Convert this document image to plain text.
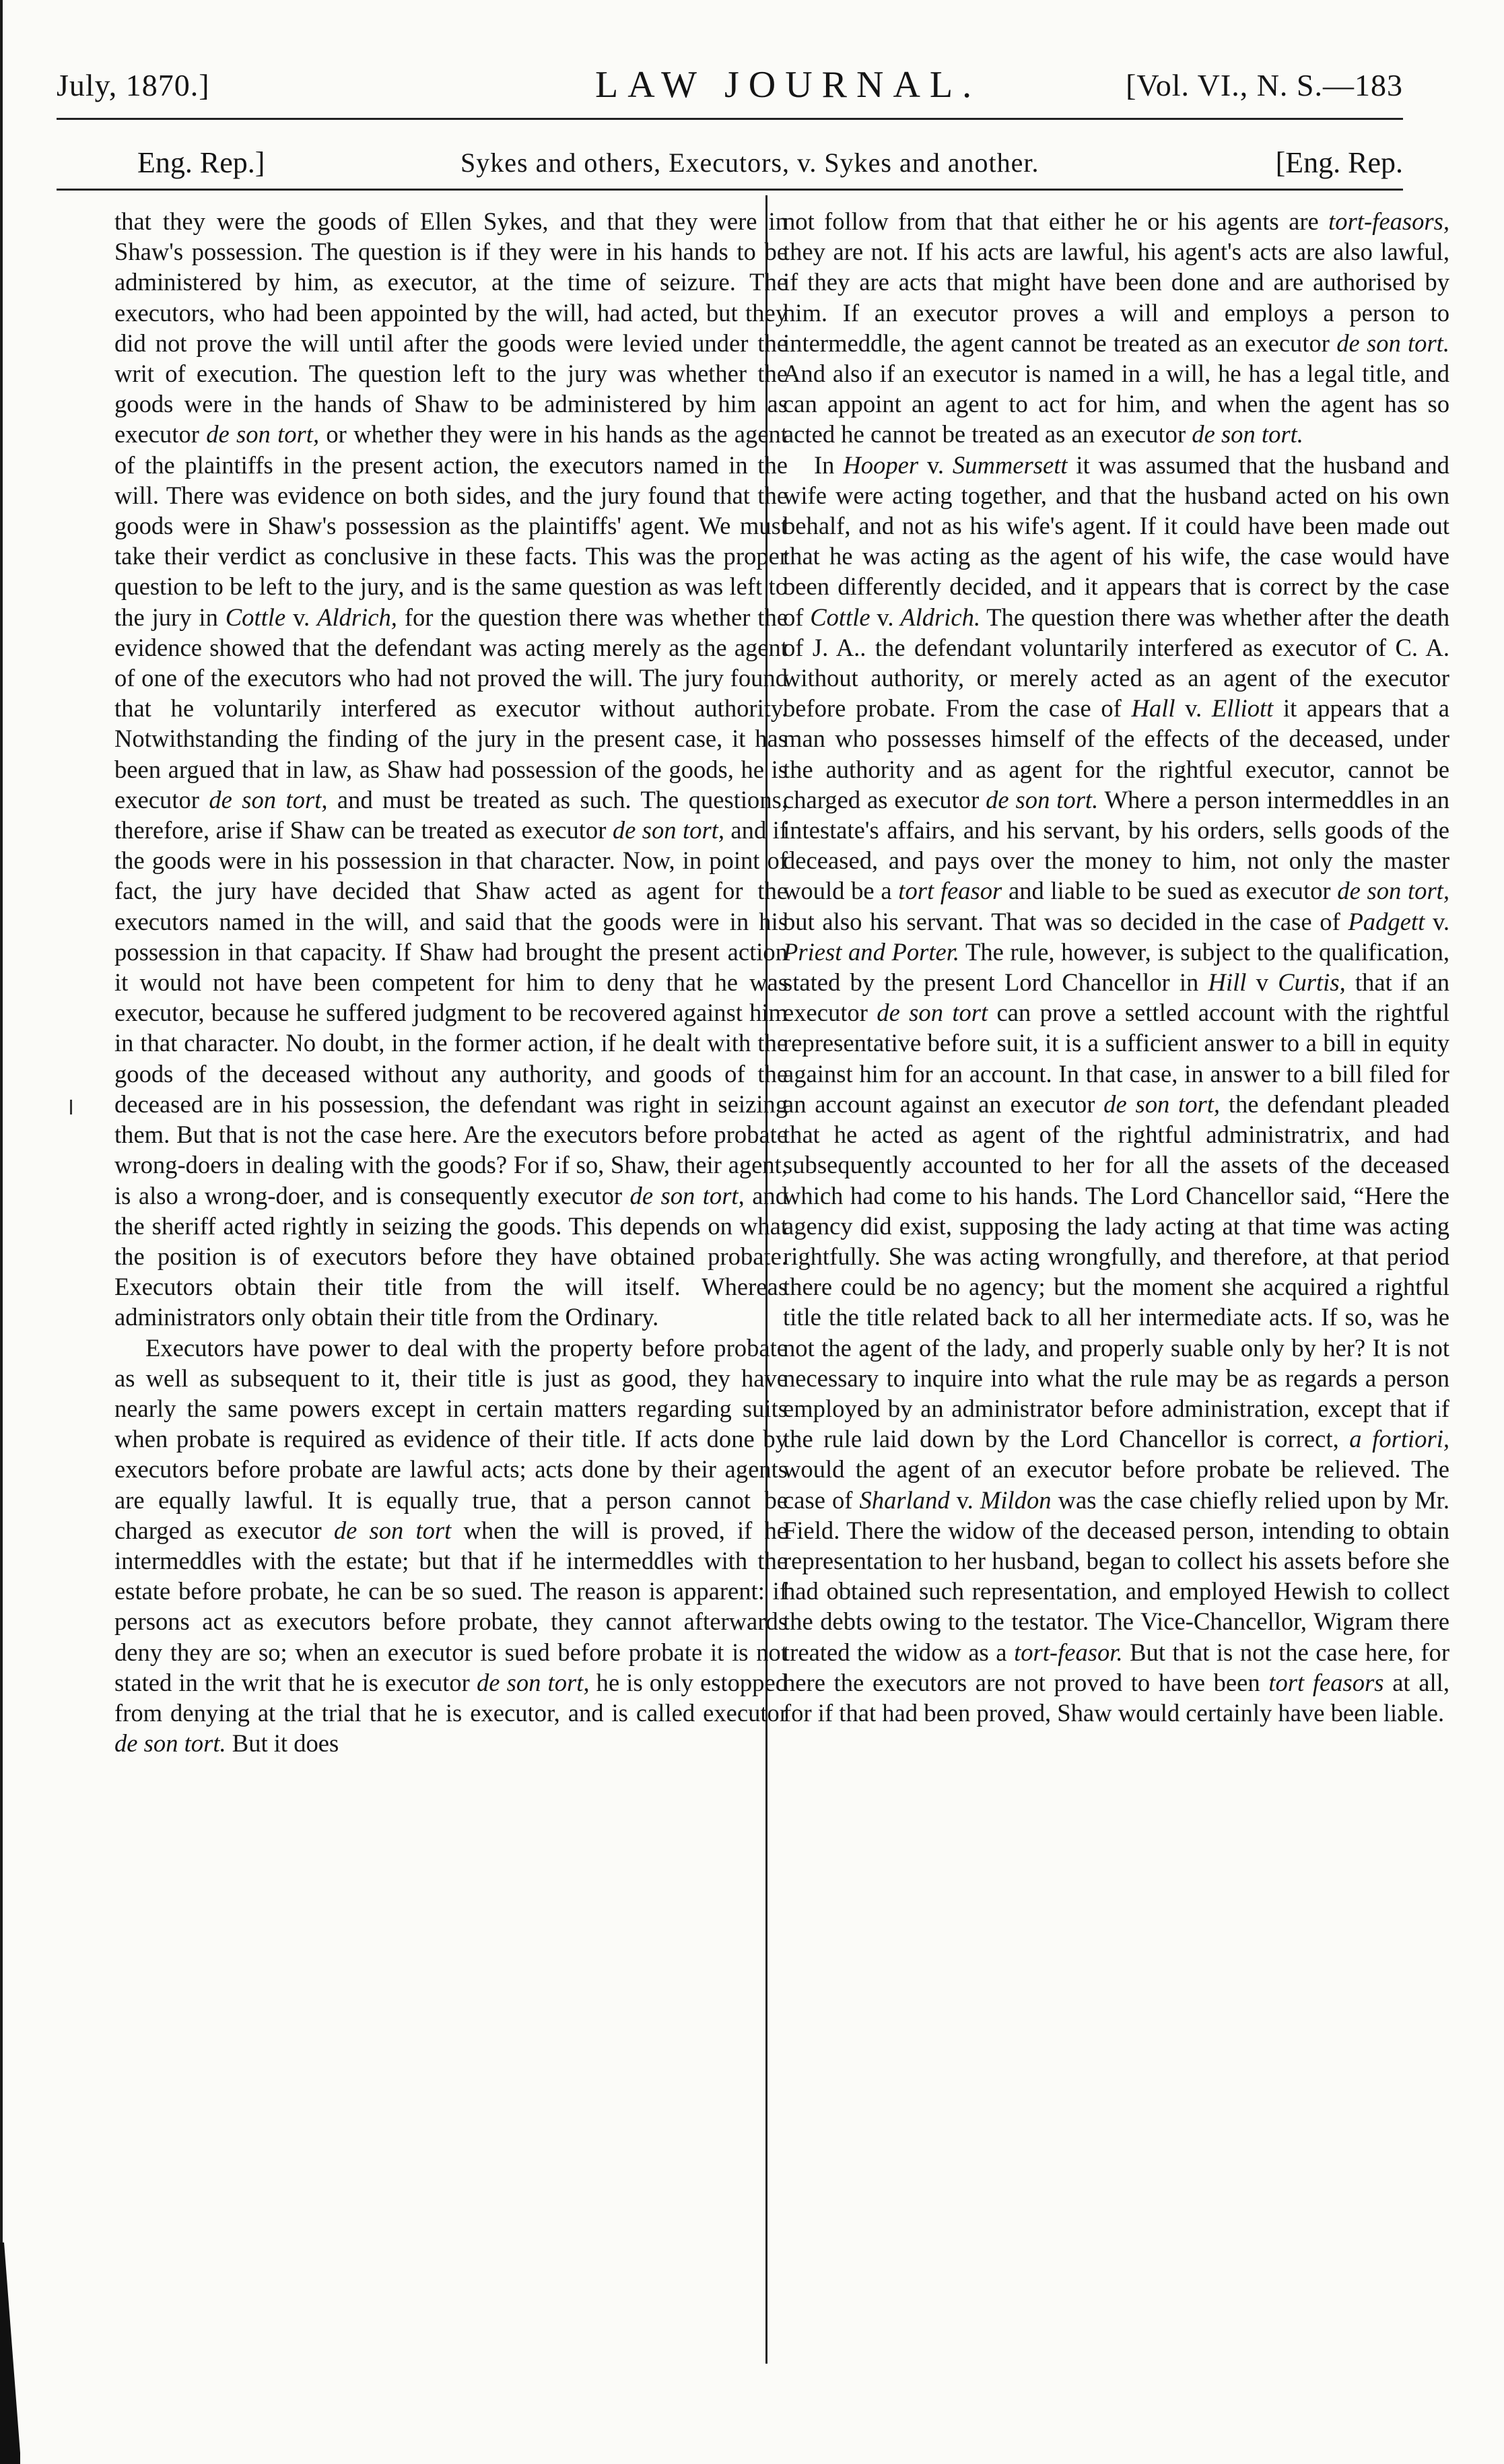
July, 1870.]	LAW JOURNAL.	[Vol. VI., N. S.—183
Eng. Rep.]	Sykes and others, Executors, v. Sykes and another.	[Eng. Rep.

that they were the goods of Ellen Sykes, and that they were in Shaw's possession. The question is if they were in his hands to be administered by him, as executor, at the time of seizure. The executors, who had been appointed by the will, had acted, but they did not prove the will until after the goods were levied under the writ of execution. The question left to the jury was whether the goods were in the hands of Shaw to be administered by him as executor de son tort, or whether they were in his hands as the agent of the plaintiffs in the present action, the executors named in the will. There was evidence on both sides, and the jury found that the goods were in Shaw's possession as the plaintiffs' agent. We must take their verdict as conclusive in these facts. This was the proper question to be left to the jury, and is the same question as was left to the jury in Cottle v. Aldrich, for the question there was whether the evidence showed that the defendant was acting merely as the agent of one of the executors who had not proved the will. The jury found that he voluntarily interfered as executor without authority. Notwithstanding the finding of the jury in the present case, it has been argued that in law, as Shaw had possession of the goods, he is executor de son tort, and must be treated as such. The questions, therefore, arise if Shaw can be treated as executor de son tort, and if the goods were in his possession in that character. Now, in point of fact, the jury have decided that Shaw acted as agent for the executors named in the will, and said that the goods were in his possession in that capacity. If Shaw had brought the present action it would not have been competent for him to deny that he was executor, because he suffered judgment to be recovered against him in that character. No doubt, in the former action, if he dealt with the goods of the deceased without any authority, and goods of the deceased are in his possession, the defendant was right in seizing them. But that is not the case here. Are the executors before probate wrong-doers in dealing with the goods? For if so, Shaw, their agent, is also a wrong-doer, and is consequently executor de son tort, and the sheriff acted rightly in seizing the goods. This depends on what the position is of executors before they have obtained probate. Executors obtain their title from the will itself. Whereas administrators only obtain their title from the Ordinary.

Executors have power to deal with the property before probate as well as subsequent to it, their title is just as good, they have nearly the same powers except in certain matters regarding suits when probate is required as evidence of their title. If acts done by executors before probate are lawful acts; acts done by their agents are equally lawful. It is equally true, that a person cannot be charged as executor de son tort when the will is proved, if he intermeddles with the estate; but that if he intermeddles with the estate before probate, he can be so sued. The reason is apparent: if persons act as executors before probate, they cannot afterwards deny they are so; when an executor is sued before probate it is not stated in the writ that he is executor de son tort, he is only estopped from denying at the trial that he is executor, and is called executor de son tort. But it does

not follow from that that either he or his agents are tort-feasors, they are not. If his acts are lawful, his agent's acts are also lawful, if they are acts that might have been done and are authorised by him. If an executor proves a will and employs a person to intermeddle, the agent cannot be treated as an executor de son tort. And also if an executor is named in a will, he has a legal title, and can appoint an agent to act for him, and when the agent has so acted he cannot be treated as an executor de son tort.

In Hooper v. Summersett it was assumed that the husband and wife were acting together, and that the husband acted on his own behalf, and not as his wife's agent. If it could have been made out that he was acting as the agent of his wife, the case would have been differently decided, and it appears that is correct by the case of Cottle v. Aldrich. The question there was whether after the death of J. A.. the defendant voluntarily interfered as executor of C. A. without authority, or merely acted as an agent of the executor before probate. From the case of Hall v. Elliott it appears that a man who possesses himself of the effects of the deceased, under the authority and as agent for the rightful executor, cannot be charged as executor de son tort. Where a person intermeddles in an intestate's affairs, and his servant, by his orders, sells goods of the deceased, and pays over the money to him, not only the master would be a tort feasor and liable to be sued as executor de son tort, but also his servant. That was so decided in the case of Padgett v. Priest and Porter. The rule, however, is subject to the qualification, stated by the present Lord Chancellor in Hill v Curtis, that if an executor de son tort can prove a settled account with the rightful representative before suit, it is a sufficient answer to a bill in equity against him for an account. In that case, in answer to a bill filed for an account against an executor de son tort, the defendant pleaded that he acted as agent of the rightful administratrix, and had subsequently accounted to her for all the assets of the deceased which had come to his hands. The Lord Chancellor said, “Here the agency did exist, supposing the lady acting at that time was acting rightfully. She was acting wrongfully, and therefore, at that period there could be no agency; but the moment she acquired a rightful title the title related back to all her intermediate acts. If so, was he not the agent of the lady, and properly suable only by her? It is not necessary to inquire into what the rule may be as regards a person employed by an administrator before administration, except that if the rule laid down by the Lord Chancellor is correct, a fortiori, would the agent of an executor before probate be relieved. The case of Sharland v. Mildon was the case chiefly relied upon by Mr. Field. There the widow of the deceased person, intending to obtain representation to her husband, began to collect his assets before she had obtained such representation, and employed Hewish to collect the debts owing to the testator. The Vice-Chancellor, Wigram there treated the widow as a tort-feasor. But that is not the case here, for here the executors are not proved to have been tort feasors at all, for if that had been proved, Shaw would certainly have been liable.
